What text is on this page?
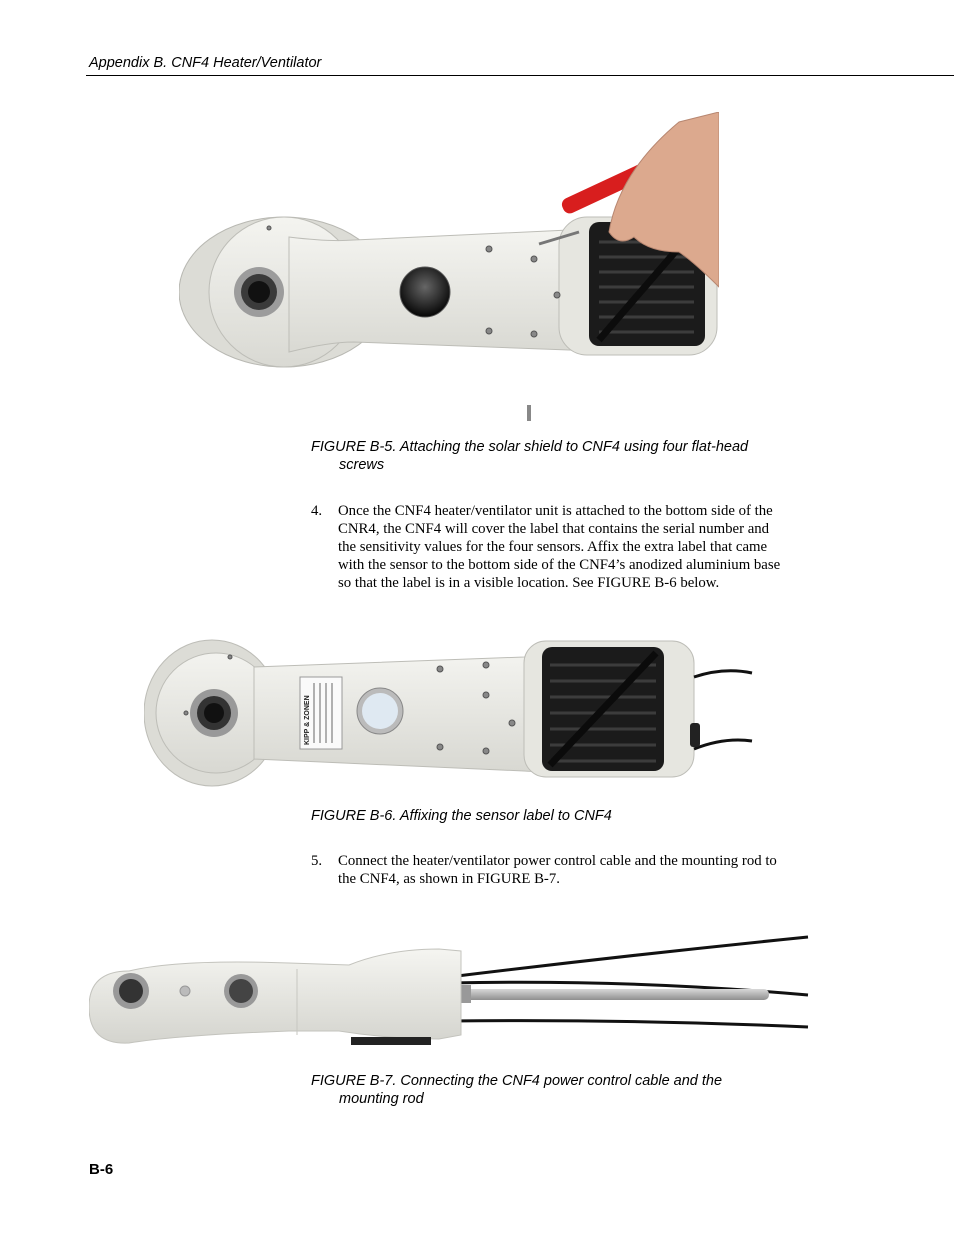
Appendix B. CNF4 Heater/Ventilator
FIGURE B-5. Attaching the solar shield to CNF4 using four flat-head
screws
4. Once the CNF4 heater/ventilator unit is attached to the bottom side of the
CNR4, the CNF4 will cover the label that contains the serial number and
the sensitivity values for the four sensors. Affix the extra label that came
with the sensor to the bottom side of the CNF4’s anodized aluminium base
so that the label is in a visible location. See FIGURE B-6 below.
KIPP & ZONEN
FIGURE B-6. Affixing the sensor label to CNF4
5. Connect the heater/ventilator power control cable and the mounting rod to
the CNF4, as shown in FIGURE B-7.
FIGURE B-7. Connecting the CNF4 power control cable and the
mounting rod
B-6
